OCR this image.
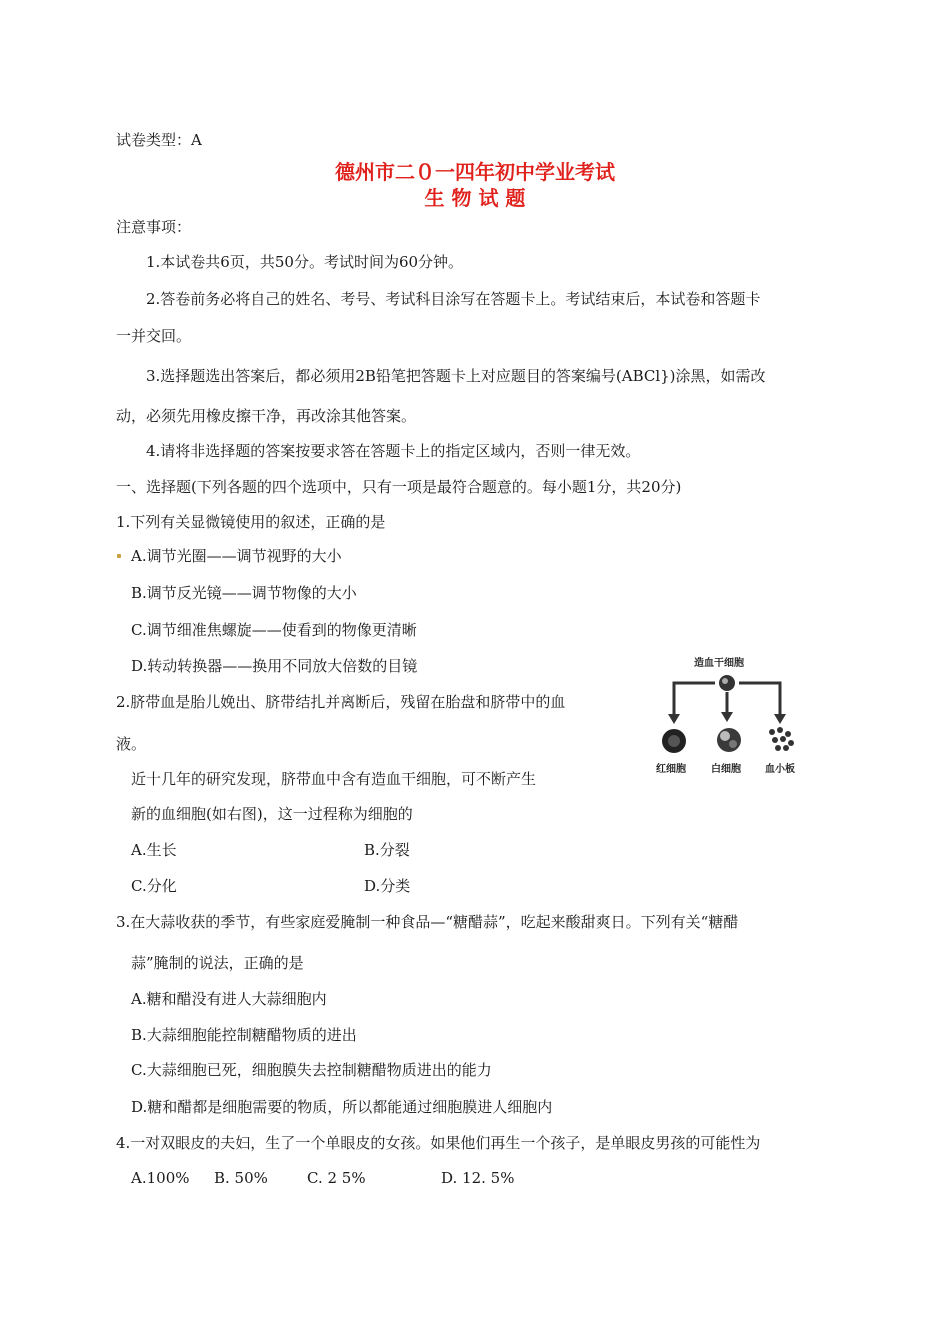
试卷类型：A
德州市二０一四年初中学业考试
生 物 试 题
注意事项：
1.本试卷共6页，共50分。考试时间为60分钟。
2.答卷前务必将自己的姓名、考号、考试科目涂写在答题卡上。考试结束后，本试卷和答题卡
一并交回。
3.选择题选出答案后，都必须用2B铅笔把答题卡上对应题目的答案编号(ABCl})涂黑，如需改
动，必须先用橡皮擦干净，再改涂其他答案。
4.请将非选择题的答案按要求答在答题卡上的指定区域内，否则一律无效。
一、选择题(下列各题的四个选项中，只有一项是最符合题意的。每小题1分，共20分)
1.下列有关显微镜使用的叙述，正确的是
A.调节光圈——调节视野的大小
B.调节反光镜——调节物像的大小
C.调节细准焦螺旋——使看到的物像更清晰
D.转动转换器——换用不同放大倍数的目镜
2.脐带血是胎儿娩出、脐带结扎并离断后，残留在胎盘和脐带中的血
液。
近十几年的研究发现，脐带血中含有造血干细胞，可不断产生
新的血细胞(如右图)，这一过程称为细胞的
A.生长	B.分裂
C.分化	D.分类
造血干细胞
红细胞	白细胞 血小板
3.在大蒜收获的季节，有些家庭爱腌制一种食品—“糖醋蒜”，吃起来酸甜爽日。下列有关“糖醋
蒜”腌制的说法，正确的是
A.糖和醋没有进人大蒜细胞内
B.大蒜细胞能控制糖醋物质的进出
C.大蒜细胞已死，细胞膜失去控制糖醋物质进出的能力
D.糖和醋都是细胞需要的物质，所以都能通过细胞膜进人细胞内
4.一对双眼皮的夫妇，生了一个单眼皮的女孩。如果他们再生一个孩子，是单眼皮男孩的可能性为
A.100% B. 50%	C. 2 5%	D. 12. 5%
